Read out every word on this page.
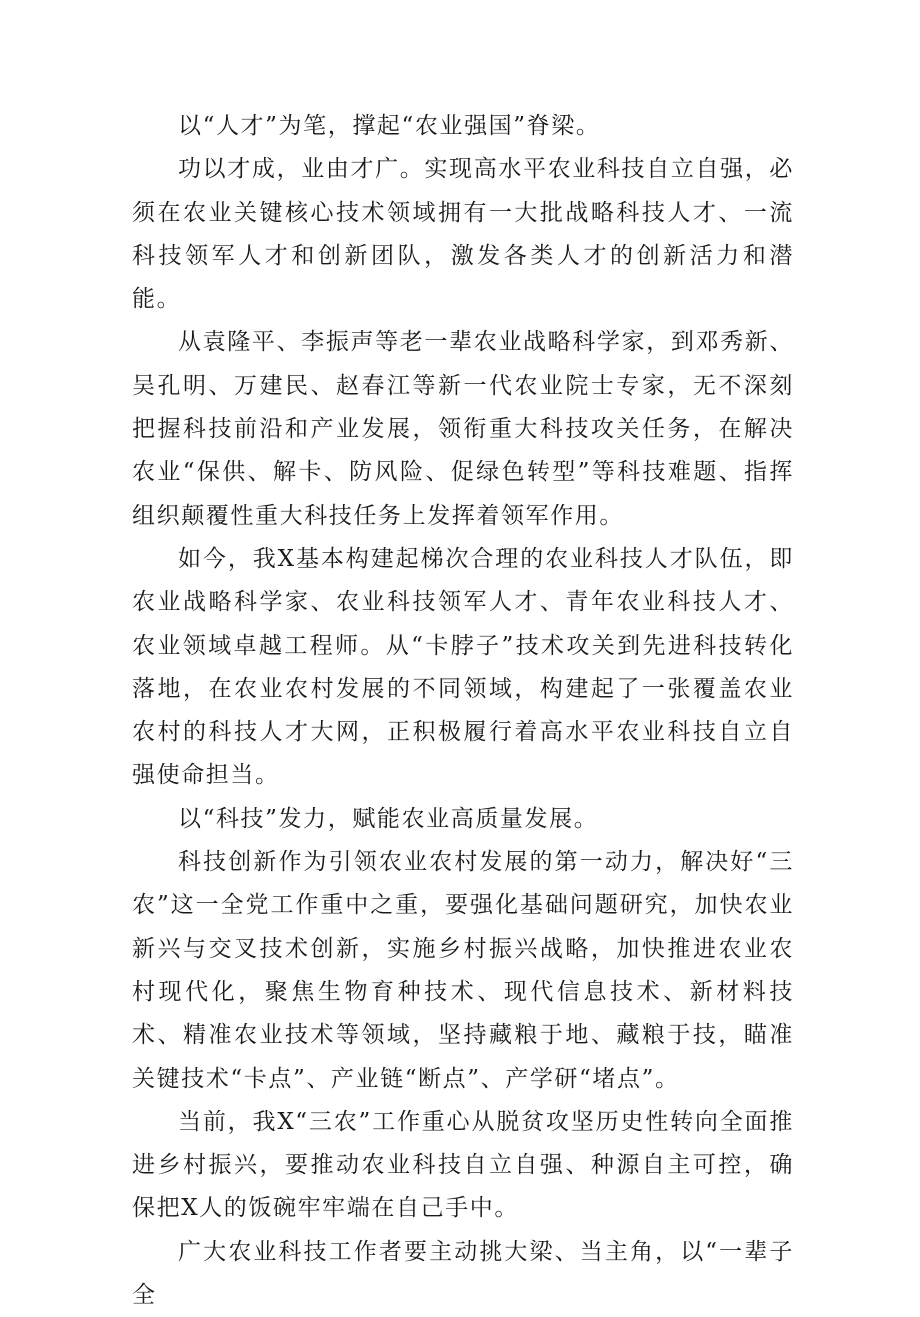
以“人才”为笔，撑起“农业强国”脊梁。

功以才成，业由才广。实现高水平农业科技自立自强，必须在农业关键核心技术领域拥有一大批战略科技人才、一流科技领军人才和创新团队，激发各类人才的创新活力和潜能。

从袁隆平、李振声等老一辈农业战略科学家，到邓秀新、吴孔明、万建民、赵春江等新一代农业院士专家，无不深刻把握科技前沿和产业发展，领衔重大科技攻关任务，在解决农业“保供、解卡、防风险、促绿色转型”等科技难题、指挥组织颠覆性重大科技任务上发挥着领军作用。

如今，我X基本构建起梯次合理的农业科技人才队伍，即农业战略科学家、农业科技领军人才、青年农业科技人才、农业领域卓越工程师。从“卡脖子”技术攻关到先进科技转化落地，在农业农村发展的不同领域，构建起了一张覆盖农业农村的科技人才大网，正积极履行着高水平农业科技自立自强使命担当。

以“科技”发力，赋能农业高质量发展。

科技创新作为引领农业农村发展的第一动力，解决好“三农”这一全党工作重中之重，要强化基础问题研究，加快农业新兴与交叉技术创新，实施乡村振兴战略，加快推进农业农村现代化，聚焦生物育种技术、现代信息技术、新材料技术、精准农业技术等领域，坚持藏粮于地、藏粮于技，瞄准关键技术“卡点”、产业链“断点”、产学研“堵点”。

当前，我X“三农”工作重心从脱贫攻坚历史性转向全面推进乡村振兴，要推动农业科技自立自强、种源自主可控，确保把X人的饭碗牢牢端在自己手中。

广大农业科技工作者要主动挑大梁、当主角，以“一辈子全
